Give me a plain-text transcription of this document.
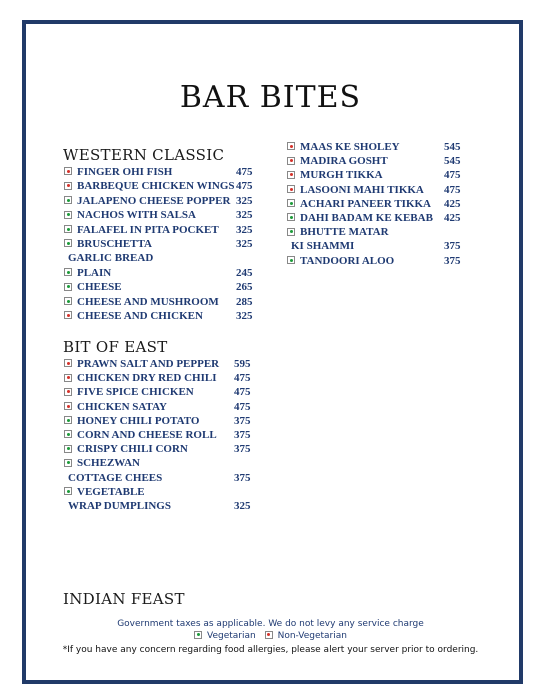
BAR BITES
WESTERN CLASSIC
BIT OF EAST
INDIAN FEAST
FINGER OHI FISH	475
BARBEQUE CHICKEN WINGS 475
JALAPENO CHEESE POPPER 325
NACHOS WITH SALSA	325
FALAFEL IN PITA POCKET 325
BRUSCHETTA	325
GARLIC BREAD
PLAIN	245
CHEESE	265
CHEESE AND MUSHROOM 285
CHEESE AND CHICKEN	325
PRAWN SALT AND PEPPER 595
CHICKEN DRY RED CHILI 475
FIVE SPICE CHICKEN	475
CHICKEN SATAY	475
HONEY CHILI POTATO	375
CORN AND CHEESE ROLL 375
CRISPY CHILI CORN	375
SCHEZWAN
COTTAGE CHEES	375
VEGETABLE
WRAP DUMPLINGS	325
MAAS KE SHOLEY	545
MADIRA GOSHT	545
MURGH TIKKA	475
LASOONI MAHI TIKKA 475
ACHARI PANEER TIKKA 425
DAHI BADAM KE KEBAB 425
BHUTTE MATAR
KI SHAMMI	375
TANDOORI ALOO	375
Government taxes as applicable. We do not levy any service charge
Vegetarian Non-Vegetarian
*If you have any concern regarding food allergies, please alert your server prior to ordering.
